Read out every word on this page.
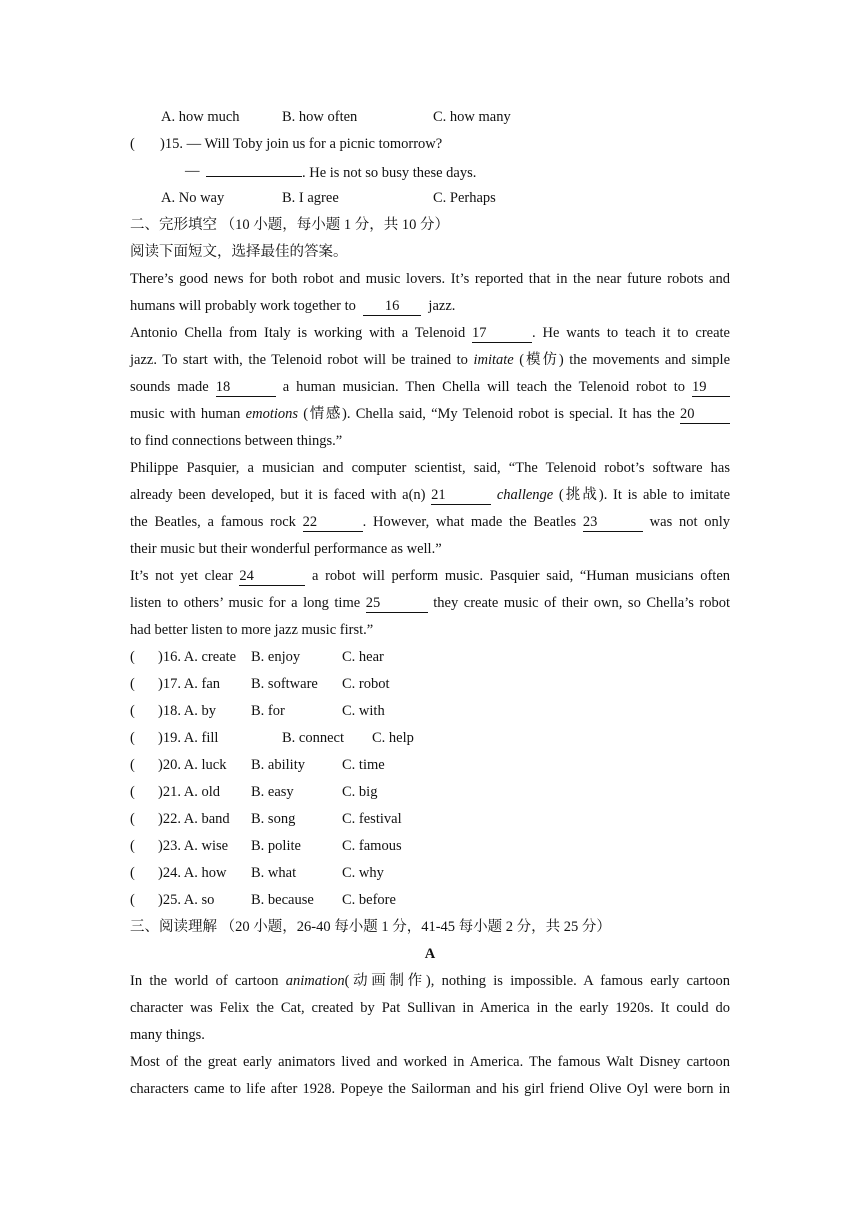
A. how much	B. how often	C. how many
( )15. — Will Toby join us for a picnic tomorrow?
—	. He is not so busy these days.
A. No way	B. I agree	C. Perhaps
二、完形填空 （10 小题，每小题 1 分，共 10 分）
阅读下面短文，选择最佳的答案。
There’s good news for both robot and music lovers. It’s reported that in the near future robots and
humans will probably work together to 16 jazz.
Antonio Chella from Italy is working with a Telenoid 17	. He wants to teach it to create
jazz. To start with, the Telenoid robot will be trained to imitate (模仿) the movements and simple
sounds made 18	a human musician. Then Chella will teach the Telenoid robot to 19
music with human emotions (情感). Chella said, “My Telenoid robot is special. It has the 20
to find connections between things.”
Philippe Pasquier, a musician and computer scientist, said, “The Telenoid robot’s software has
already been developed, but it is faced with a(n) 21	challenge (挑战). It is able to imitate
the Beatles, a famous rock 22	. However, what made the Beatles 23	was not only
their music but their wonderful performance as well.”
It’s not yet clear 24	a robot will perform music. Pasquier said, “Human musicians often
listen to others’ music for a long time 25	they create music of their own, so Chella’s robot
had better listen to more jazz music first.”
( )16. A. create B. enjoy	C. hear
( )17. A. fan B. software C. robot
( )18. A. by B. for	C. with
( )19. A. fill	B. connect C. help
( )20. A. luck B. ability	C. time
( )21. A. old B. easy	C. big
( )22. A. band B. song	C. festival
( )23. A. wise B. polite	C. famous
( )24. A. how B. what	C. why
( )25. A. so	B. because C. before
三、阅读理解 （20 小题，26-40 每小题 1 分，41-45 每小题 2 分，共 25 分）
A
In the world of cartoon animation(动画制作), nothing is impossible. A famous early cartoon
character was Felix the Cat, created by Pat Sullivan in America in the early 1920s. It could do
many things.
Most of the great early animators lived and worked in America. The famous Walt Disney cartoon
characters came to life after 1928. Popeye the Sailorman and his girl friend Olive Oyl were born in
